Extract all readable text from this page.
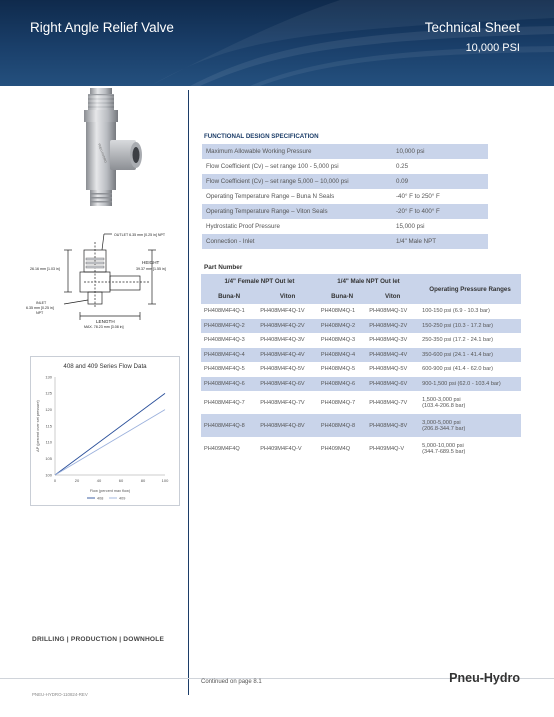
Right Angle Relief Valve	Technical Sheet
10,000 PSI
PNEU-HYDRO
OUTLET 6.35 mm [0.25 in] NPT
HEIGHT
39.37 mm [1.55 in]
26.16 mm [1.03 in]
INLET
6.35 mm [0.25 in]
NPT
LENGTH
MAX. 78.23 mm [3.08 in]
408 and 409 Series Flow Data
100
105
110
115
120
125
130
0	20	40	60	80	100
Flow (percent max flow)
ΔP (percent over set pressure)
408	409
FUNCTIONAL DESIGN SPECIFICATION
Maximum Allowable Working Pressure	10,000 psi
Flow Coefficient (Cv) – set range 100 - 5,000 psi	0.25
Flow Coefficient (Cv) – set range 5,000 – 10,000 psi	0.09
Operating Temperature Range – Buna N Seals	-40° F to 250° F
Operating Temperature Range – Viton Seals	-20° F to 400° F
Hydrostatic Proof Pressure	15,000 psi
Connection - Inlet	1/4" Male NPT
Part Number
1/4" Female NPT Out let		1/4" Male NPT Out let		Operating Pressure Ranges
Buna-N	Viton	Buna-N	Viton	
PH408M4F4Q-1	PH408M4F4Q-1V	PH408M4Q-1	PH408M4Q-1V	100-150 psi (6.9 - 10.3 bar)

PH408M4F4Q-2	PH408M4F4Q-2V	PH408M4Q-2	PH408M4Q-2V	150-250 psi (10.3 - 17.2 bar)

PH408M4F4Q-3	PH408M4F4Q-3V	PH408M4Q-3	PH408M4Q-3V	250-350 psi (17.2 - 24.1 bar)

PH408M4F4Q-4	PH408M4F4Q-4V	PH408M4Q-4	PH408M4Q-4V	350-600 psi (24.1 - 41.4 bar)

PH408M4F4Q-5	PH408M4F4Q-5V	PH408M4Q-5	PH408M4Q-5V	600-900 psi (41.4 - 62.0 bar)

PH408M4F4Q-6	PH408M4F4Q-6V	PH408M4Q-6	PH408M4Q-6V	900-1,500 psi (62.0 - 103.4 bar)

PH408M4F4Q-7	PH408M4F4Q-7V	PH408M4Q-7	PH408M4Q-7V	1,500-3,000 psi
(103.4-206.8 bar)

PH408M4F4Q-8	PH408M4F4Q-8V	PH408M4Q-8	PH408M4Q-8V	3,000-5,000 psi
(206.8-344.7 bar)

PH409M4F4Q	PH409M4F4Q-V	PH409M4Q	PH409M4Q-V	5,000-10,000 psi
(344.7-689.5 bar)
DRILLING | PRODUCTION | DOWNHOLE
Continued on page 8.1	Pneu-Hydro
PNEU-HYDRO-110824-REV
